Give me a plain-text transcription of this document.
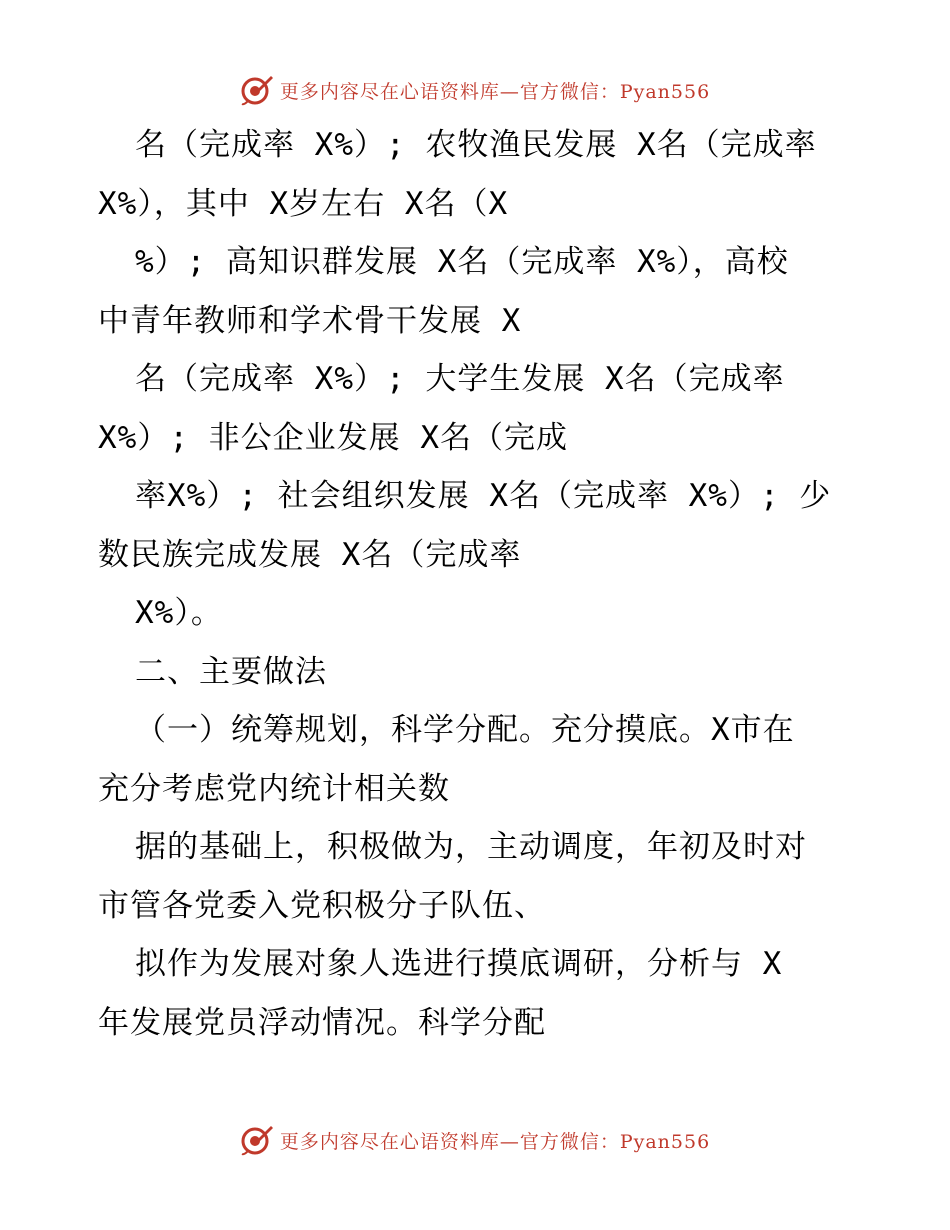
更多内容尽在心语资料库—官方微信：Pyan556
名（完成率 X%）; 农牧渔民发展 X名（完成率
X%），其中 X岁左右 X名（X
%）; 高知识群发展 X名（完成率 X%），高校
中青年教师和学术骨干发展 X
名（完成率 X%）; 大学生发展 X名（完成率
X%）; 非公企业发展 X名（完成
率X%）; 社会组织发展 X名（完成率 X%）; 少
数民族完成发展 X名（完成率
X%）。
二、主要做法
（一）统筹规划，科学分配。充分摸底。X市在
充分考虑党内统计相关数
据的基础上，积极做为，主动调度，年初及时对
市管各党委入党积极分子队伍、
拟作为发展对象人选进行摸底调研，分析与 X
年发展党员浮动情况。科学分配
更多内容尽在心语资料库—官方微信：Pyan556
